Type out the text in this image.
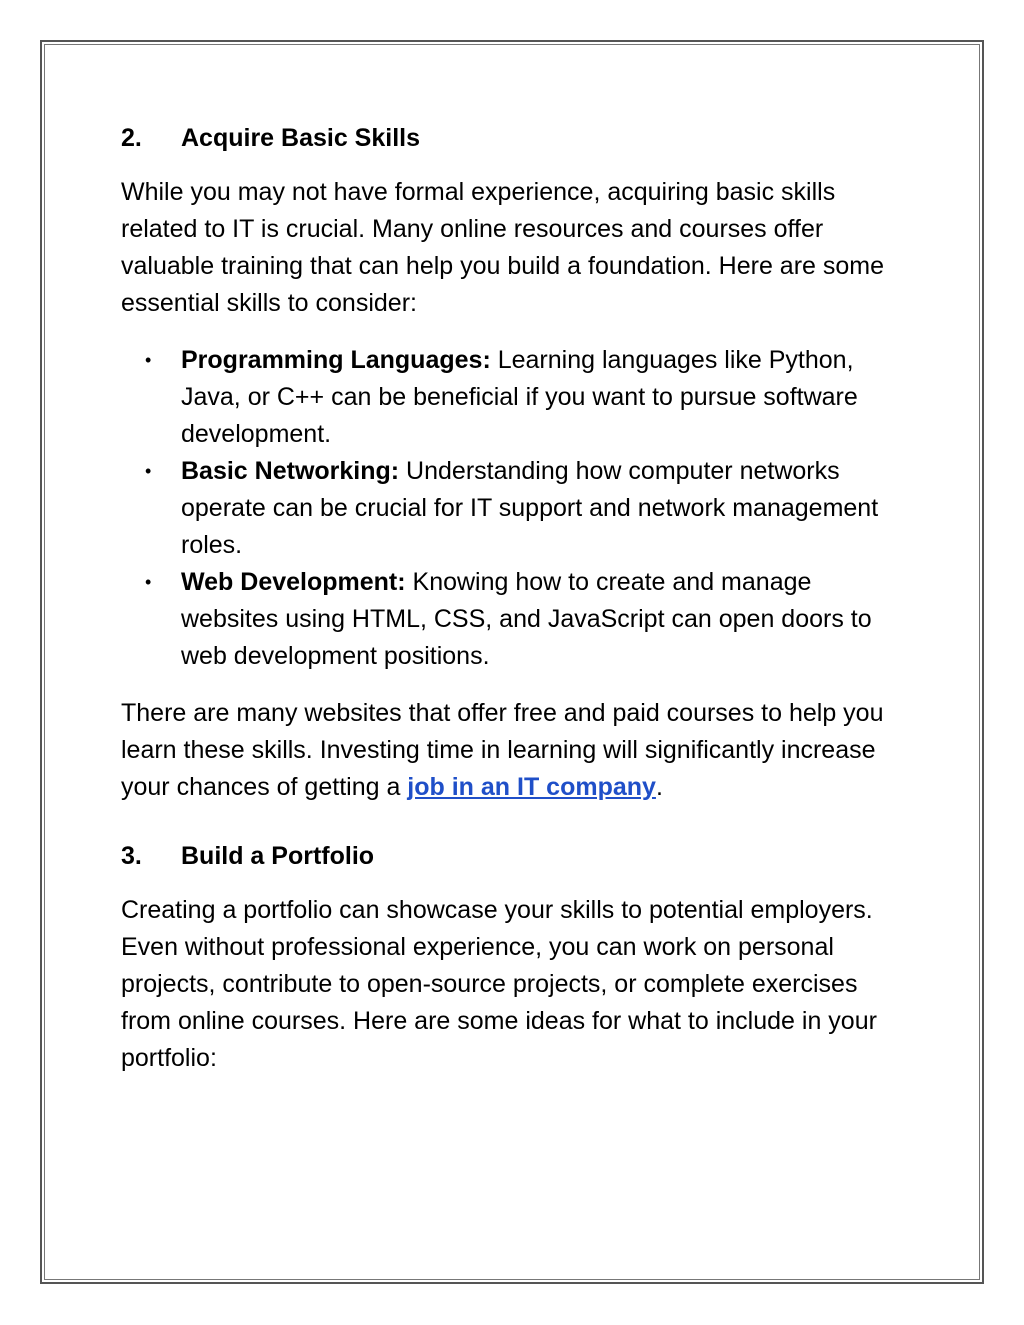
2.	Acquire Basic Skills

While you may not have formal experience, acquiring basic skills related to IT is crucial. Many online resources and courses offer valuable training that can help you build a foundation. Here are some essential skills to consider:

• Programming Languages: Learning languages like Python, Java, or C++ can be beneficial if you want to pursue software development.
• Basic Networking: Understanding how computer networks operate can be crucial for IT support and network management roles.
• Web Development: Knowing how to create and manage websites using HTML, CSS, and JavaScript can open doors to web development positions.

There are many websites that offer free and paid courses to help you learn these skills. Investing time in learning will significantly increase your chances of getting a job in an IT company.

3.	Build a Portfolio

Creating a portfolio can showcase your skills to potential employers. Even without professional experience, you can work on personal projects, contribute to open-source projects, or complete exercises from online courses. Here are some ideas for what to include in your portfolio:
